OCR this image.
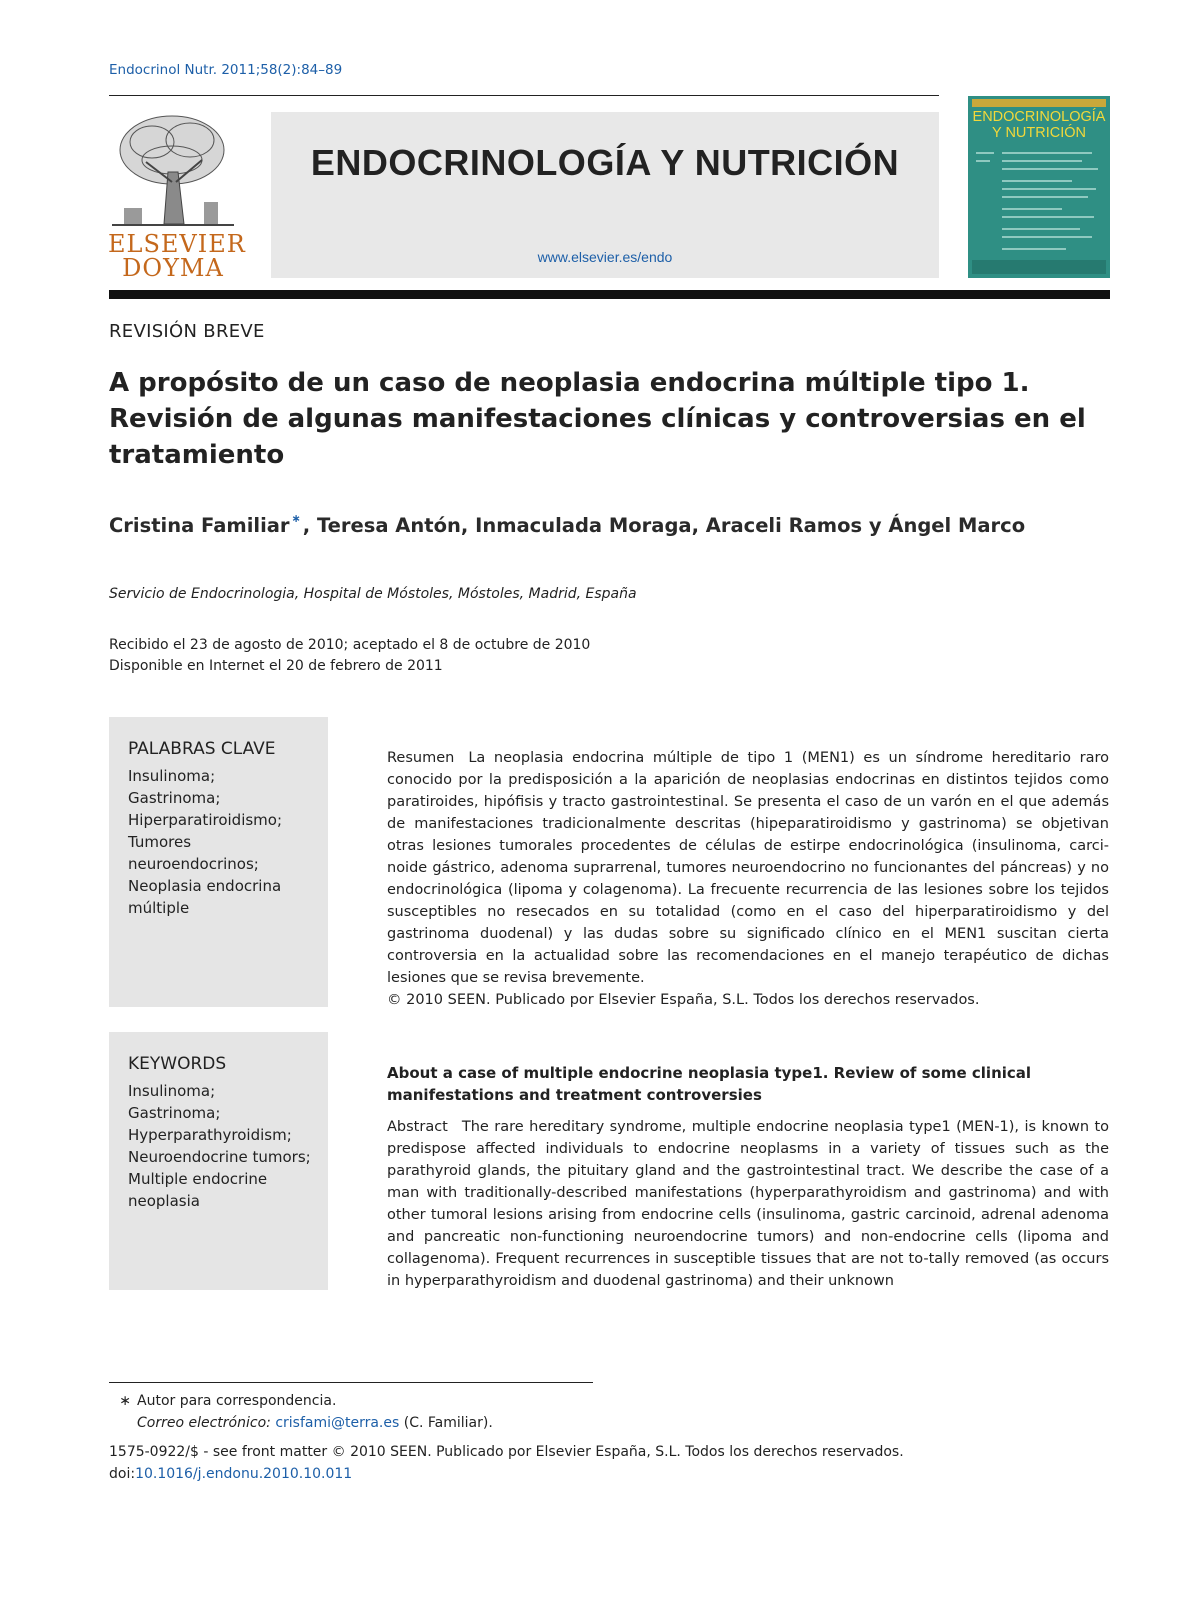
Endocrinol Nutr. 2011;58(2):84–89
ELSEVIER
DOYMA
ENDOCRINOLOGÍA Y NUTRICIÓN
www.elsevier.es/endo
ENDOCRINOLOGÍA Y NUTRICIÓN
REVISIÓN BREVE
A propósito de un caso de neoplasia endocrina múltiple tipo 1. Revisión de algunas manifestaciones clínicas y controversias en el tratamiento
Cristina Familiar ∗ , Teresa Antón, Inmaculada Moraga, Araceli Ramos y Ángel Marco
Servicio de Endocrinologia, Hospital de Móstoles, Móstoles, Madrid, España
Recibido el 23 de agosto de 2010; aceptado el 8 de octubre de 2010
Disponible en Internet el 20 de febrero de 2011
PALABRAS CLAVE
Insulinoma;
Gastrinoma;
Hiperparatiroidismo;
Tumores neuroendocrinos;
Neoplasia endocrina múltiple
KEYWORDS
Insulinoma;
Gastrinoma;
Hyperparathyroidism;
Neuroendocrine tumors;
Multiple endocrine neoplasia
Resumen La neoplasia endocrina múltiple de tipo 1 (MEN1) es un síndrome hereditario raro conocido por la predisposición a la aparición de neoplasias endocrinas en distintos tejidos como paratiroides, hipófisis y tracto gastrointestinal. Se presenta el caso de un varón en el que además de manifestaciones tradicionalmente descritas (hipeparatiroidismo y gastrinoma) se objetivan otras lesiones tumorales procedentes de células de estirpe endocrinológica (insulinoma, carci-noide gástrico, adenoma suprarrenal, tumores neuroendocrino no funcionantes del páncreas) y no endocrinológica (lipoma y colagenoma). La frecuente recurrencia de las lesiones sobre los tejidos susceptibles no resecados en su totalidad (como en el caso del hiperparatiroidismo y del gastrinoma duodenal) y las dudas sobre su significado clínico en el MEN1 suscitan cierta controversia en la actualidad sobre las recomendaciones en el manejo terapéutico de dichas lesiones que se revisa brevemente.
© 2010 SEEN. Publicado por Elsevier España, S.L. Todos los derechos reservados.
About a case of multiple endocrine neoplasia type1. Review of some clinical manifestations and treatment controversies
Abstract The rare hereditary syndrome, multiple endocrine neoplasia type1 (MEN-1), is known to predispose affected individuals to endocrine neoplasms in a variety of tissues such as the parathyroid glands, the pituitary gland and the gastrointestinal tract. We describe the case of a man with traditionally-described manifestations (hyperparathyroidism and gastrinoma) and with other tumoral lesions arising from endocrine cells (insulinoma, gastric carcinoid, adrenal adenoma and pancreatic non-functioning neuroendocrine tumors) and non-endocrine cells (lipoma and collagenoma). Frequent recurrences in susceptible tissues that are not to-tally removed (as occurs in hyperparathyroidism and duodenal gastrinoma) and their unknown
∗ Autor para correspondencia.
Correo electrónico: crisfami@terra.es (C. Familiar).
1575-0922/$ - see front matter © 2010 SEEN. Publicado por Elsevier España, S.L. Todos los derechos reservados.
doi:10.1016/j.endonu.2010.10.011
